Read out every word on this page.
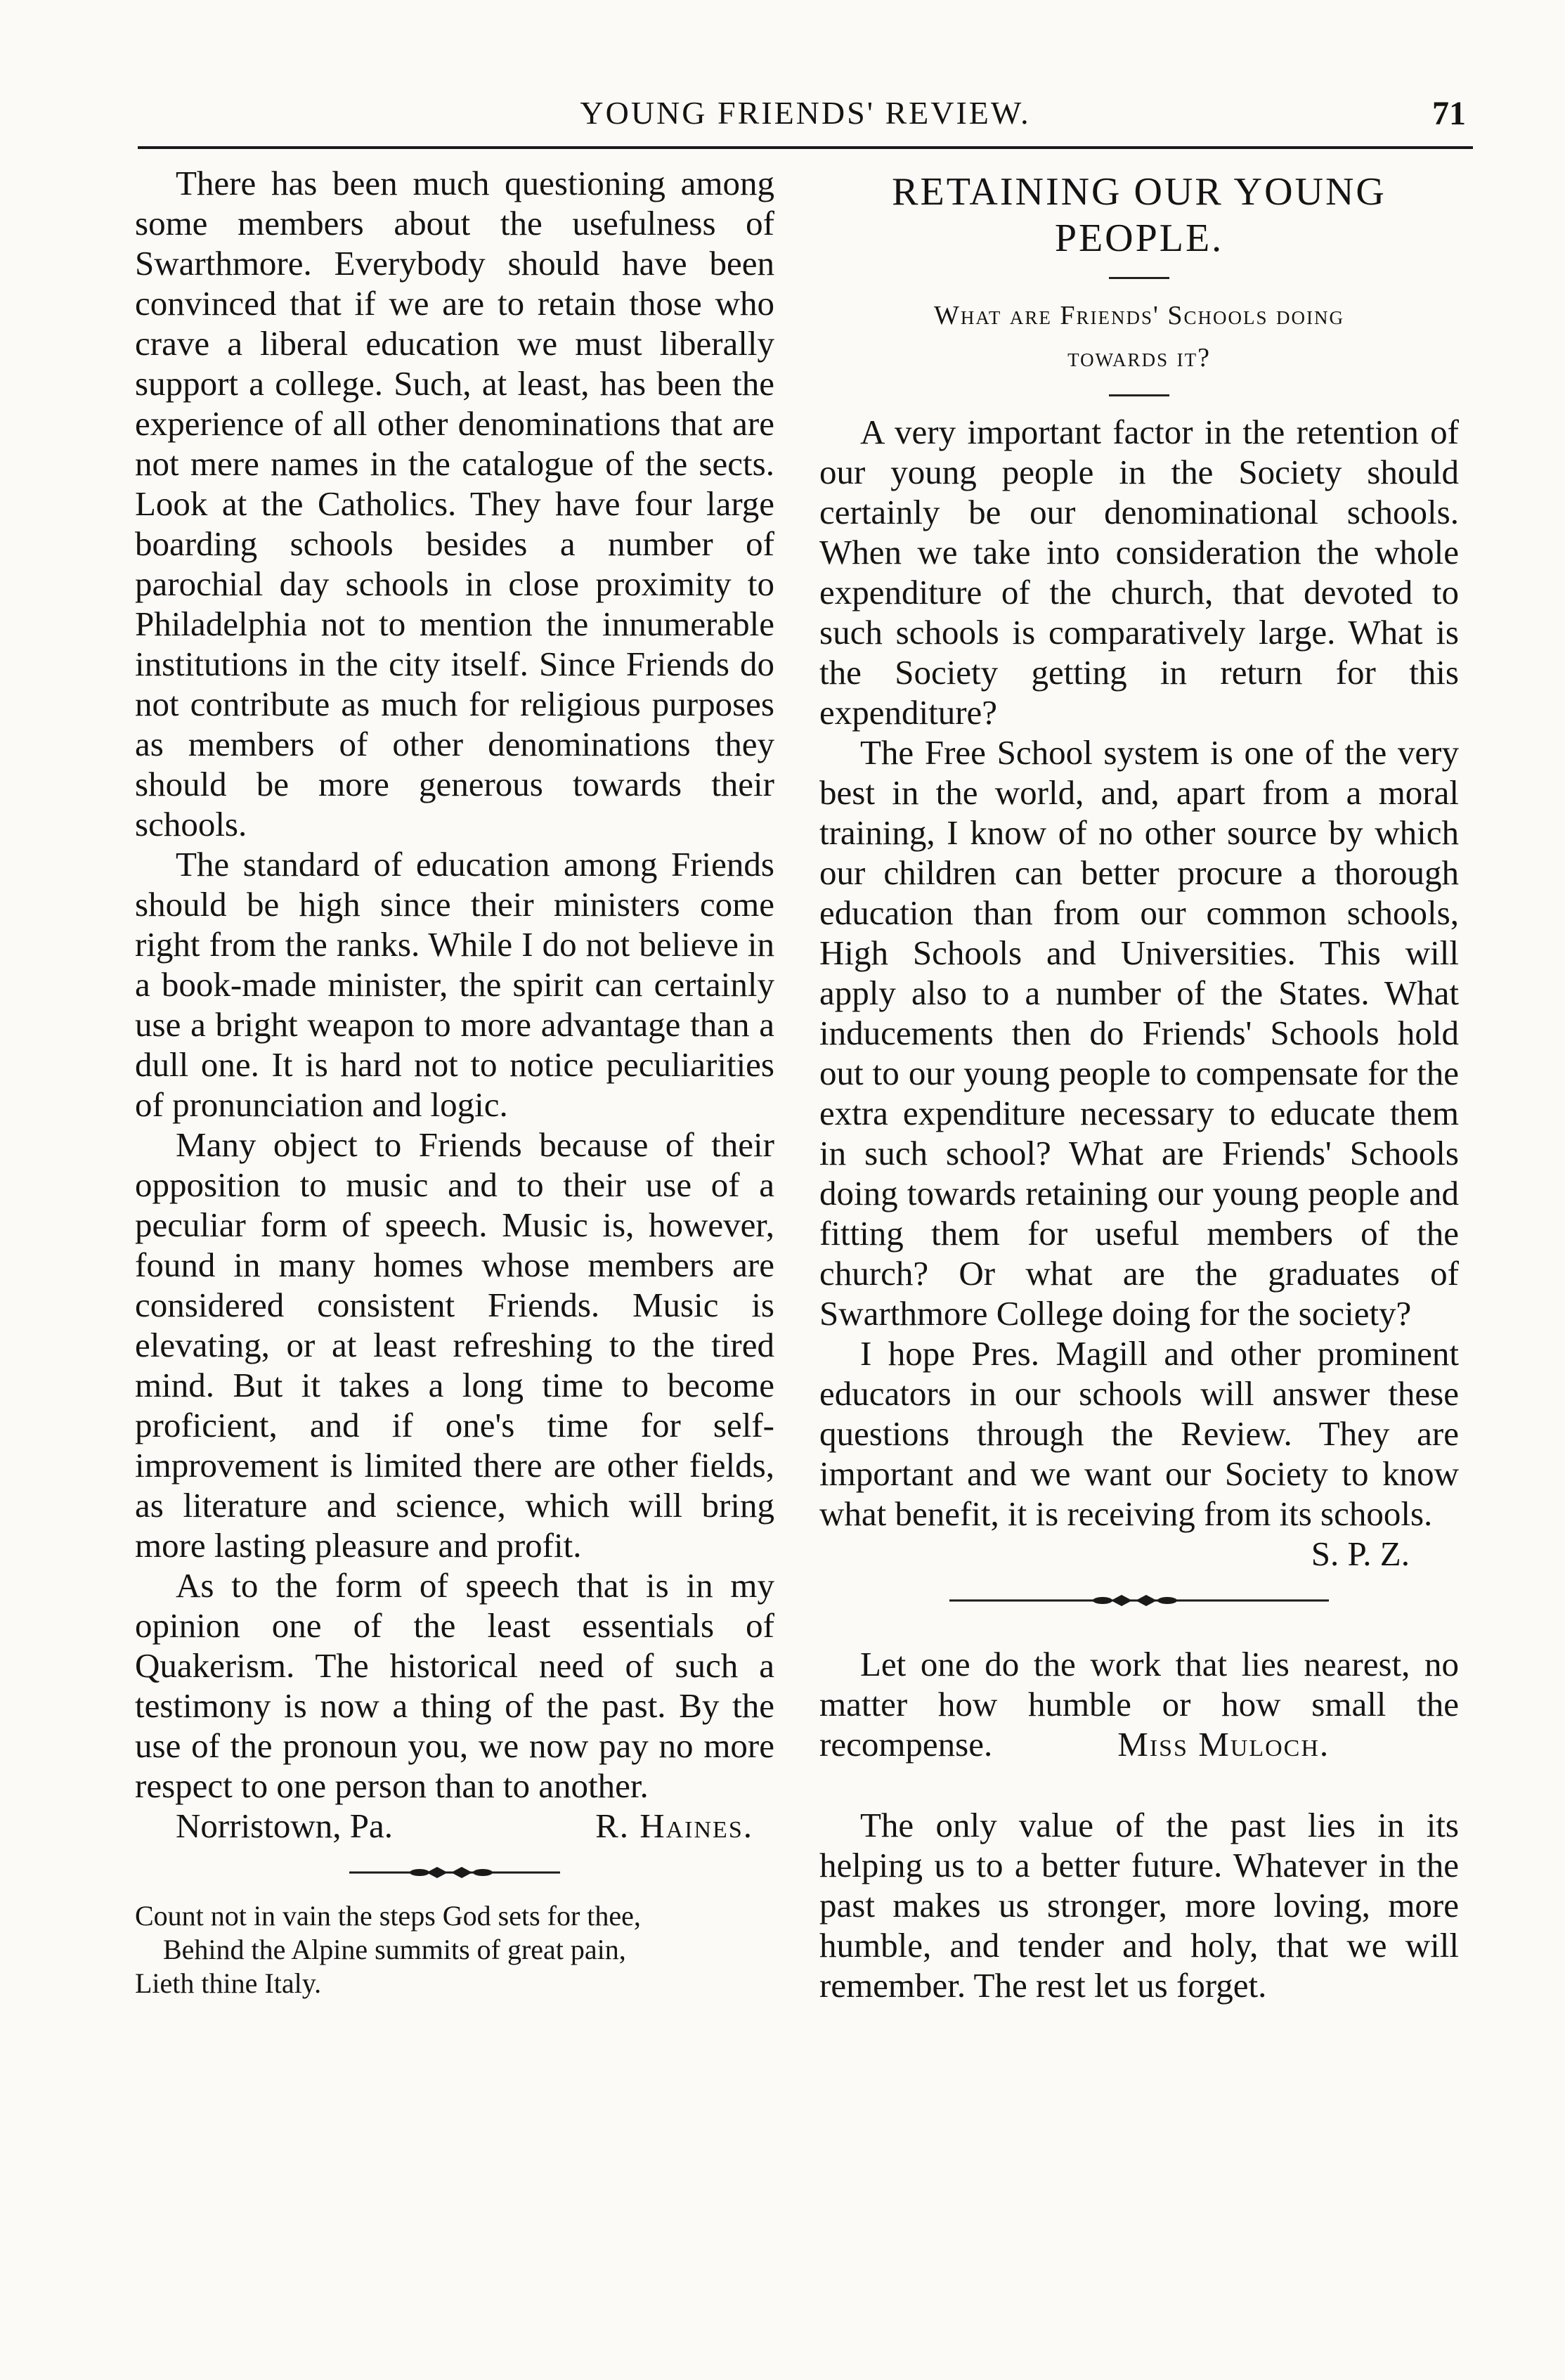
YOUNG FRIENDS' REVIEW.	71

There has been much questioning among some members about the usefulness of Swarthmore. Everybody should have been convinced that if we are to retain those who crave a liberal education we must liberally support a college. Such, at least, has been the experience of all other denominations that are not mere names in the catalogue of the sects. Look at the Catholics. They have four large boarding schools besides a number of parochial day schools in close proximity to Philadelphia not to mention the innumerable institutions in the city itself. Since Friends do not contribute as much for religious purposes as members of other denominations they should be more generous towards their schools.

The standard of education among Friends should be high since their ministers come right from the ranks. While I do not believe in a book-made minister, the spirit can certainly use a bright weapon to more advantage than a dull one. It is hard not to notice peculiarities of pronunciation and logic.

Many object to Friends because of their opposition to music and to their use of a peculiar form of speech. Music is, however, found in many homes whose members are considered consistent Friends. Music is elevating, or at least refreshing to the tired mind. But it takes a long time to become proficient, and if one's time for self-improvement is limited there are other fields, as literature and science, which will bring more lasting pleasure and profit.

As to the form of speech that is in my opinion one of the least essentials of Quakerism. The historical need of such a testimony is now a thing of the past. By the use of the pronoun you, we now pay no more respect to one person than to another.

Norristown, Pa.	R. Haines.
Count not in vain the steps God sets for thee,
Behind the Alpine summits of great pain,
Lieth thine Italy.
RETAINING OUR YOUNG
PEOPLE.
What are Friends' Schools doing
towards it?

A very important factor in the retention of our young people in the Society should certainly be our denominational schools. When we take into consideration the whole expenditure of the church, that devoted to such schools is comparatively large. What is the Society getting in return for this expenditure?

The Free School system is one of the very best in the world, and, apart from a moral training, I know of no other source by which our children can better procure a thorough education than from our common schools, High Schools and Universities. This will apply also to a number of the States. What inducements then do Friends' Schools hold out to our young people to compensate for the extra expenditure necessary to educate them in such school? What are Friends' Schools doing towards retaining our young people and fitting them for useful members of the church? Or what are the graduates of Swarthmore College doing for the society?

I hope Pres. Magill and other prominent educators in our schools will answer these questions through the Review. They are important and we want our Society to know what benefit, it is receiving from its schools.

S. P. Z.

Let one do the work that lies nearest, no matter how humble or how small the recompense.	Miss Muloch.

The only value of the past lies in its helping us to a better future. Whatever in the past makes us stronger, more loving, more humble, and tender and holy, that we will remember. The rest let us forget.
